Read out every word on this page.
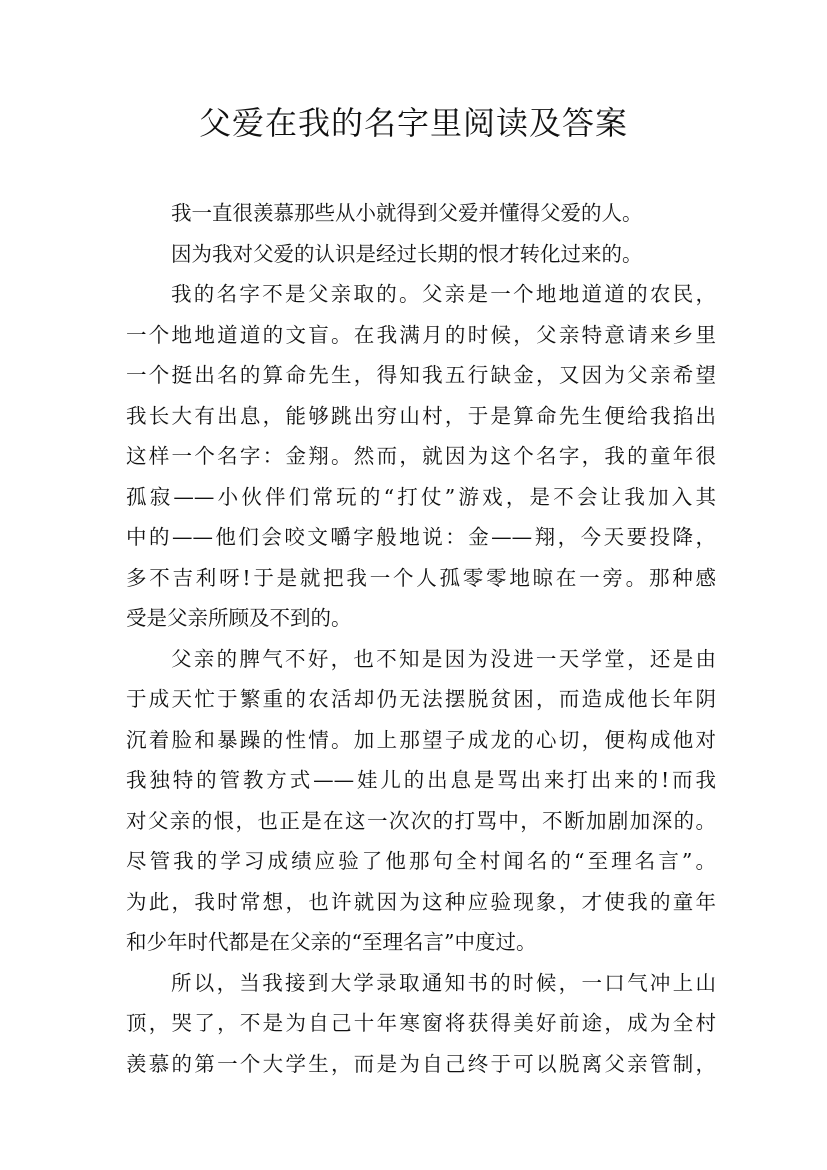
父爱在我的名字里阅读及答案
我一直很羡慕那些从小就得到父爱并懂得父爱的人。
因为我对父爱的认识是经过长期的恨才转化过来的。
我的名字不是父亲取的。父亲是一个地地道道的农民，
一个地地道道的文盲。在我满月的时候，父亲特意请来乡里
一个挺出名的算命先生，得知我五行缺金，又因为父亲希望
我长大有出息，能够跳出穷山村，于是算命先生便给我掐出
这样一个名字：金翔。然而，就因为这个名字，我的童年很
孤寂——小伙伴们常玩的“打仗”游戏，是不会让我加入其
中的——他们会咬文嚼字般地说：金——翔，今天要投降，
多不吉利呀!于是就把我一个人孤零零地晾在一旁。那种感
受是父亲所顾及不到的。
父亲的脾气不好，也不知是因为没进一天学堂，还是由
于成天忙于繁重的农活却仍无法摆脱贫困，而造成他长年阴
沉着脸和暴躁的性情。加上那望子成龙的心切，便构成他对
我独特的管教方式——娃儿的出息是骂出来打出来的!而我
对父亲的恨，也正是在这一次次的打骂中，不断加剧加深的。
尽管我的学习成绩应验了他那句全村闻名的“至理名言”。
为此，我时常想，也许就因为这种应验现象，才使我的童年
和少年时代都是在父亲的“至理名言”中度过。
所以，当我接到大学录取通知书的时候，一口气冲上山
顶，哭了，不是为自己十年寒窗将获得美好前途，成为全村
羡慕的第一个大学生，而是为自己终于可以脱离父亲管制，
